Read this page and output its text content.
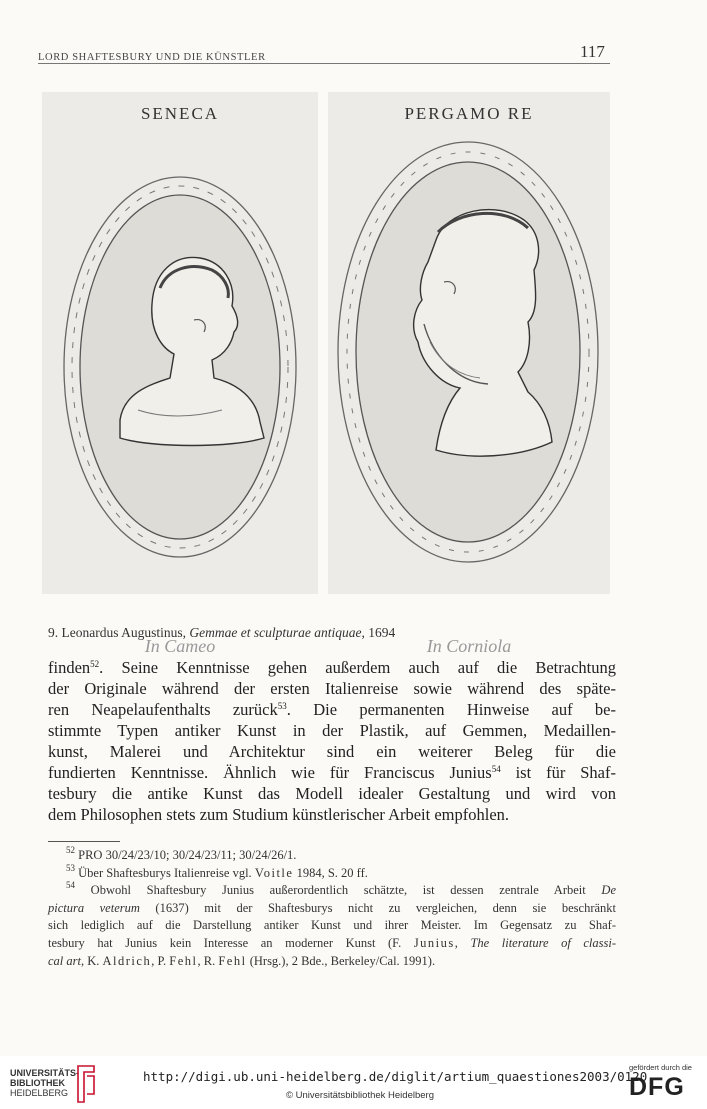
LORD SHAFTESBURY UND DIE KÜNSTLER	117
SENECA
In Cameo
PERGAMO RE
In Corniola
9. Leonardus Augustinus, Gemmae et sculpturae antiquae, 1694
finden$^{52}$. Seine Kenntnisse gehen außerdem auch auf die Betrachtung
der Originale während der ersten Italienreise sowie während des späte-
ren Neapelaufenthalts zurück$^{53}$. Die permanenten Hinweise auf be-
stimmte Typen antiker Kunst in der Plastik, auf Gemmen, Medaillen-
kunst, Malerei und Architektur sind ein weiterer Beleg für die
fundierten Kenntnisse. Ähnlich wie für Franciscus Junius$^{54}$ ist für Shaf-
tesbury die antike Kunst das Modell idealer Gestaltung und wird von
dem Philosophen stets zum Studium künstlerischer Arbeit empfohlen.
$^{52}$ PRO 30/24/23/10; 30/24/23/11; 30/24/26/1.
$^{53}$ Über Shaftesburys Italienreise vgl. Voitle 1984, S. 20 ff.
$^{54}$ Obwohl Shaftesbury Junius außerordentlich schätzte, ist dessen zentrale Arbeit De
pictura veterum (1637) mit der Shaftesburys nicht zu vergleichen, denn sie beschränkt
sich lediglich auf die Darstellung antiker Kunst und ihrer Meister. Im Gegensatz zu Shaf-
tesbury hat Junius kein Interesse an moderner Kunst (F. Junius, The literature of classi-
cal art, K. Aldrich, P. Fehl, R. Fehl (Hrsg.), 2 Bde., Berkeley/Cal. 1991).
UNIVERSITÄTS-
BIBLIOTHEK
HEIDELBERG
http://digi.ub.uni-heidelberg.de/diglit/artium_quaestiones2003/0120
© Universitätsbibliothek Heidelberg
gefördert durch die
DFG
